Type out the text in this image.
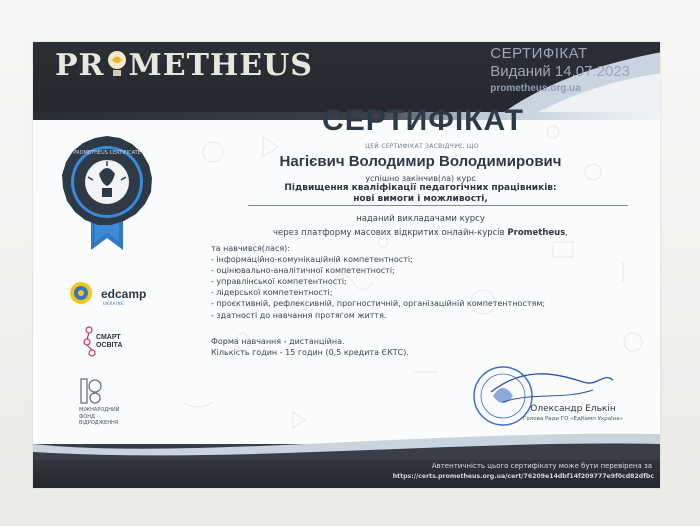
PR METHEUS	СЕРТИФІКАТ
Виданий 14.07.2023
prometheus.org.ua
СЕРТИФІКАТ
ЦЕЙ СЕРТИФІКАТ ЗАСВІДЧУЄ, ЩО
Нагієвич Володимир Володимирович
успішно закінчив(ла) курс
Підвищення кваліфікації педагогічних працівників:
нові вимоги і можливості,
наданий викладачами курсу
через платформу масових відкритих онлайн-курсів Prometheus,
та навчився(лася):
- інформаційно-комунікаційній компетентності;
- оцінювально-аналітичної компетентності;
- управлінської компетентності;
- лідерської компетентності;
- проєктивній, рефлексивній, прогностичній, організаційній компетентностям;
- здатності до навчання протягом життя.
Форма навчання - дистанційна.
Кількість годин - 15 годин (0,5 кредита ЄКТС).
PROMETHEUS CERTIFICATE
edcamp
UKRAINE
СМАРТ
ОСВІТА
МІЖНАРОДНИЙ
ФОНД
ВІДРОДЖЕННЯ
Олександр Елькін
Голова Ради ГО «ЕдКемп Україна»
Автентичність цього сертифікату може бути перевірена за
https://certs.prometheus.org.ua/cert/76209e14dbf14f209777e9f0cd82dfbc
